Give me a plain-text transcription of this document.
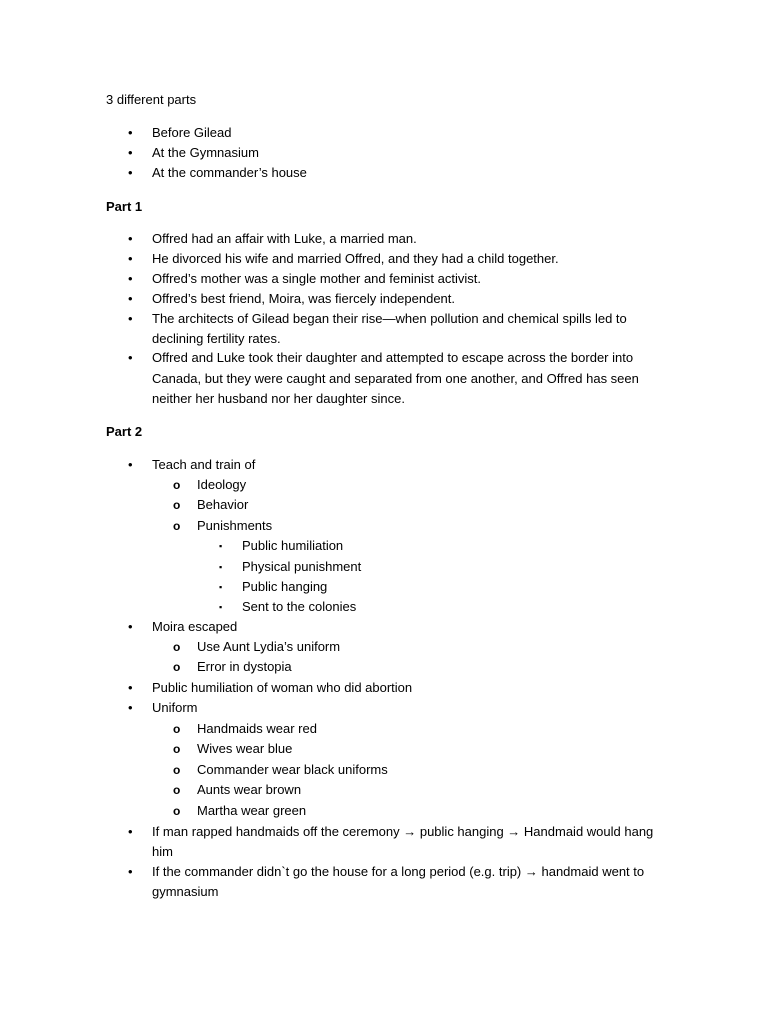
3 different parts
•	Before Gilead
•	At the Gymnasium
•	At the commander’s house
Part 1
•	Offred had an affair with Luke, a married man.
•	He divorced his wife and married Offred, and they had a child together.
•	Offred’s mother was a single mother and feminist activist.
•	Offred’s best friend, Moira, was fiercely independent.
•	The architects of Gilead began their rise—when pollution and chemical spills led to
declining fertility rates.
•	Offred and Luke took their daughter and attempted to escape across the border into
Canada, but they were caught and separated from one another, and Offred has seen
neither her husband nor her daughter since.
Part 2
•	Teach and train of
o Ideology
o Behavior
o Punishments
▪ Public humiliation
▪ Physical punishment
▪ Public hanging
▪ Sent to the colonies
•	Moira escaped
o Use Aunt Lydia’s uniform
o Error in dystopia
•	Public humiliation of woman who did abortion
•	Uniform
o Handmaids wear red
o Wives wear blue
o Commander wear black uniforms
o Aunts wear brown
o Martha wear green
•	If man rapped handmaids off the ceremony → public hanging → Handmaid would hang
him
•	If the commander didn`t go the house for a long period (e.g. trip) → handmaid went to
gymnasium
